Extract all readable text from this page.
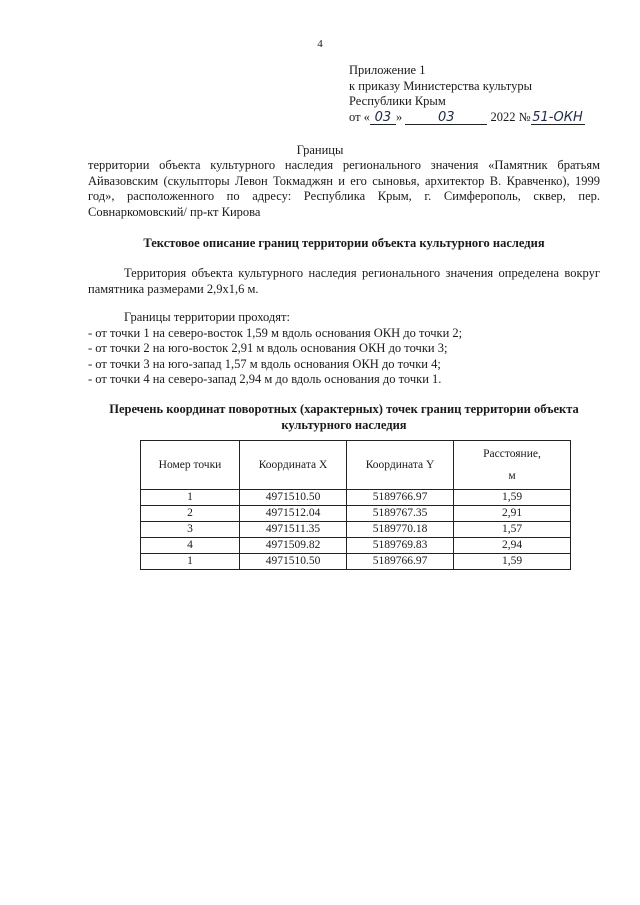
4
Приложение 1
к приказу Министерства культуры
Республики Крым
от « 03 »	03	2022 № 51-ОКН
Границы
территории объекта культурного наследия регионального значения «Памятник братьям Айвазовским (скульпторы Левон Токмаджян и его сыновья, архитектор В. Кравченко), 1999 год», расположенного по адресу: Республика Крым, г. Симферополь, сквер, пер. Совнаркомовский/ пр-кт Кирова
Текстовое описание границ территории объекта культурного наследия
Территория объекта культурного наследия регионального значения определена вокруг памятника размерами 2,9х1,6 м.
Границы территории проходят:
- от точки 1 на северо-восток 1,59 м вдоль основания ОКН до точки 2;
- от точки 2 на юго-восток 2,91 м вдоль основания ОКН до точки 3;
- от точки 3 на юго-запад 1,57 м вдоль основания ОКН до точки 4;
- от точки 4 на северо-запад 2,94 м до вдоль основания до точки 1.
Перечень координат поворотных (характерных) точек границ территории объекта культурного наследия
Номер точки	Координата X	Координата Y	Расстояние,
м

1	4971510.50	5189766.97	1,59
2	4971512.04	5189767.35	2,91
3	4971511.35	5189770.18	1,57
4	4971509.82	5189769.83	2,94
1	4971510.50	5189766.97	1,59
